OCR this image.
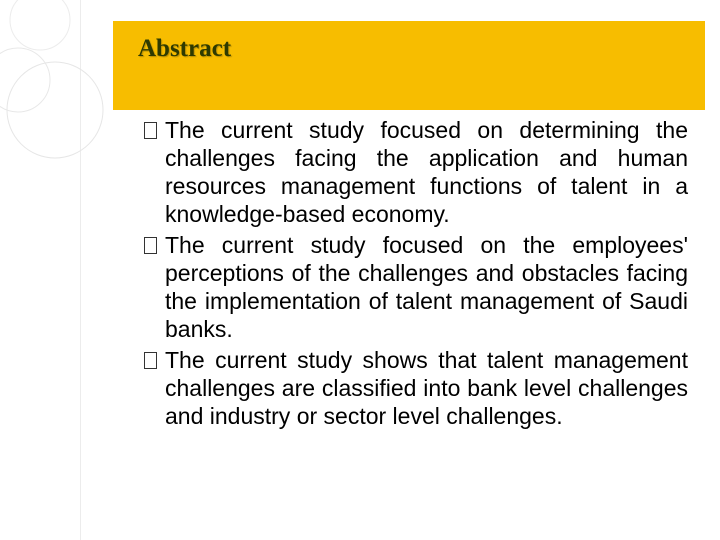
Abstract

The current study focused on determining the challenges facing the application and human resources management functions of talent in a knowledge-based economy.

The current study focused on the employees' perceptions of the challenges and obstacles facing the implementation of talent management of Saudi banks.

The current study shows that talent management challenges are classified into bank level challenges and industry or sector level challenges.
